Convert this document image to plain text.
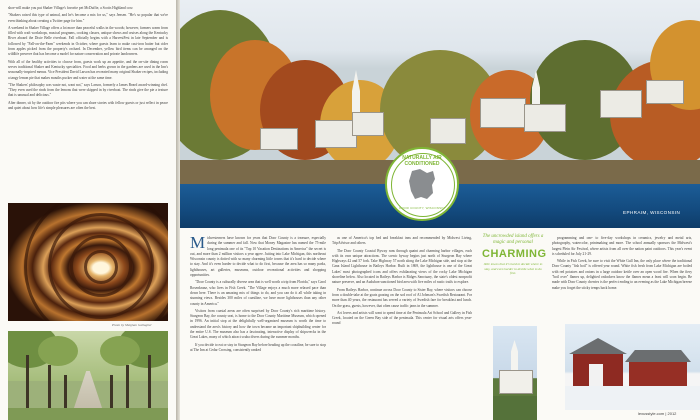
shoe-will make you put Shaker Village's favorite pet McDuffie, a Scotts Highland cow.

"Shakers raised this type of animal, and he's become a mix for us," says Jensen. "He's so popular that we're even thinking about creating a Twitter page for him."

A weekend in Shaker Village offers a lot more than peaceful walks in the woods; however, farmers warm from filled with craft workshops, musical programs, cooking classes, antique shows and cruises along the Kentucky River aboard the Dixie Belle riverboat. Fall officially begins with a HarvestFest in late September and is followed by "Fall-on-the-Farm" weekends in October, where guests learn to make cast-iron butter but cider from apples picked from the property's orchard. In December, yellow bird items can be arranged on the wildlife preserve that has become a model for nature conservation and private landowners.

With all of the healthy activities to choose from, guests work up an appetite, and the on-site dining room serves traditional Shaker and Kentucky specialties. Food and herbs grown in the gardens are used in the Inn's seasonally-inspired menus. Vice President David Larson has recreated many original Shaker recipes, including a tangy lemon pie that makes mouths pucker and water at the same time.

"The Shakers' philosophy was waste not, want not," says Larson, formerly a James Beard award-winning chef. "They even used the rinds from the lemons that were skipped in by riverboat. The rinds give the pie a texture that is unusual and delicious."

After dinner, sit by the outdoor fire pits where you can share stories with fellow guests or just reflect in peace and quiet about how life's simple pleasures are often the best.

Photo by Meighan Gallagher
EPHRAIM, WISCONSIN
NATURALLY AIR CONDITIONED
DOOR COUNTY, WISCONSIN

Midwesterners have known for years that Door County is a treasure, especially during the summer and fall. Now that Money Magazine has named the 75-mile long peninsula one of its "Top 10 Vacation Destinations in America" the secret is out, and more than 2 million visitors a year agree. Jutting into Lake Michigan, this northeast Wisconsin county is dotted with so many charming little towns that it's hard to decide where to stay. And it's even harder to decide what to do first, because the area has so many parks, lighthouses, art galleries, museums, outdoor recreational activities and shopping opportunities.

"Door County is a culturally diverse area that is well worth a trip from Florida," says Carol Rosenkranz, who lives in Fish Creek. "The Village enjoys a much more relaxed pace than down here. There is an amazing mix of things to do, and you can do it all while taking in stunning views. Besides 300 miles of coastline, we have more lighthouses than any other county in America."

Visitors from coastal areas are often surprised by Door County's rich maritime history. Sturgeon Bay, the county seat, is home to the Door County Maritime Museum, which opened in 1996. An initial stop at the delightfully well-organized museum is worth the time to understand the area's history and how the town became an important shipbuilding center for the entire U.S. The museum also has a fascinating, interactive display of shipwrecks in the Great Lakes, many of which attract scuba divers during the summer months.

If you decide to eat or stay in Sturgeon Bay before heading up the coastline, be sure to stop at The Inn at Cedar Crossing, consistently ranked

as one of America's top bed and breakfast inns and recommended by Midwest Living, TripAdvisor and others.

The Door County Coastal Byway runs through quaint and charming harbor villages, each with its own unique attractions. The scenic byway begins just north of Sturgeon Bay where Highways 42 and 57 fork. Take Highway 57 north along the Lake Michigan side, and stop at the Cana Island Lighthouse in Baileys Harbor. Built in 1869, the lighthouse is one of the Great Lakes' most photographed icons and offers exhilarating views of the rocky Lake Michigan shoreline below. Also located in Baileys Harbor is Ridges Sanctuary, the state's oldest nonprofit nature preserve, and an Audubon-sanctioned bird area with five miles of rustic trails to explore.

From Baileys Harbor, continue across Door County to Sister Bay, where visitors can choose from a double-take at the goats grazing on the sod roof of Al Johnson's Swedish Restaurant. For more than 40 years, the restaurant has served a variety of Swedish fare for breakfast and lunch. On the grass, guests, however, that often cause traffic jams in the summer.

Art lovers and artists will want to spend time at the Peninsula Art School and Gallery in Fish Creek, located on the Green Bay side of the peninsula. This center for visual arts offers year-round

The uncrowded island offers a magic and personal
CHARMING
little towns that it's hard to decide where to stay, and even harder to decide what to do first.

programming and one- to five-day workshops in ceramics, jewelry and metal arts, photography, watercolor, printmaking and more. The school annually sponsors the Midwest's largest Plein Air Festival, where artists from all over the nation paint outdoors. This year's event is scheduled for July 21-29.

While in Fish Creek, be sure to visit the White Gull Inn, the only place where the traditional Door County "fish boil" is offered year round. White fish fresh from Lake Michigan are boiled with red potatoes and onions in a large outdoor kettle over an open wood fire. When the fiery "boil over" flames up, delighted onlookers know the flames mean a feast will soon begin. Be made with Door County cherries is the perfect ending to an evening as the Lake Michigan breeze make you forget the sticky temps back home.

lexusstyle.com | 2012
